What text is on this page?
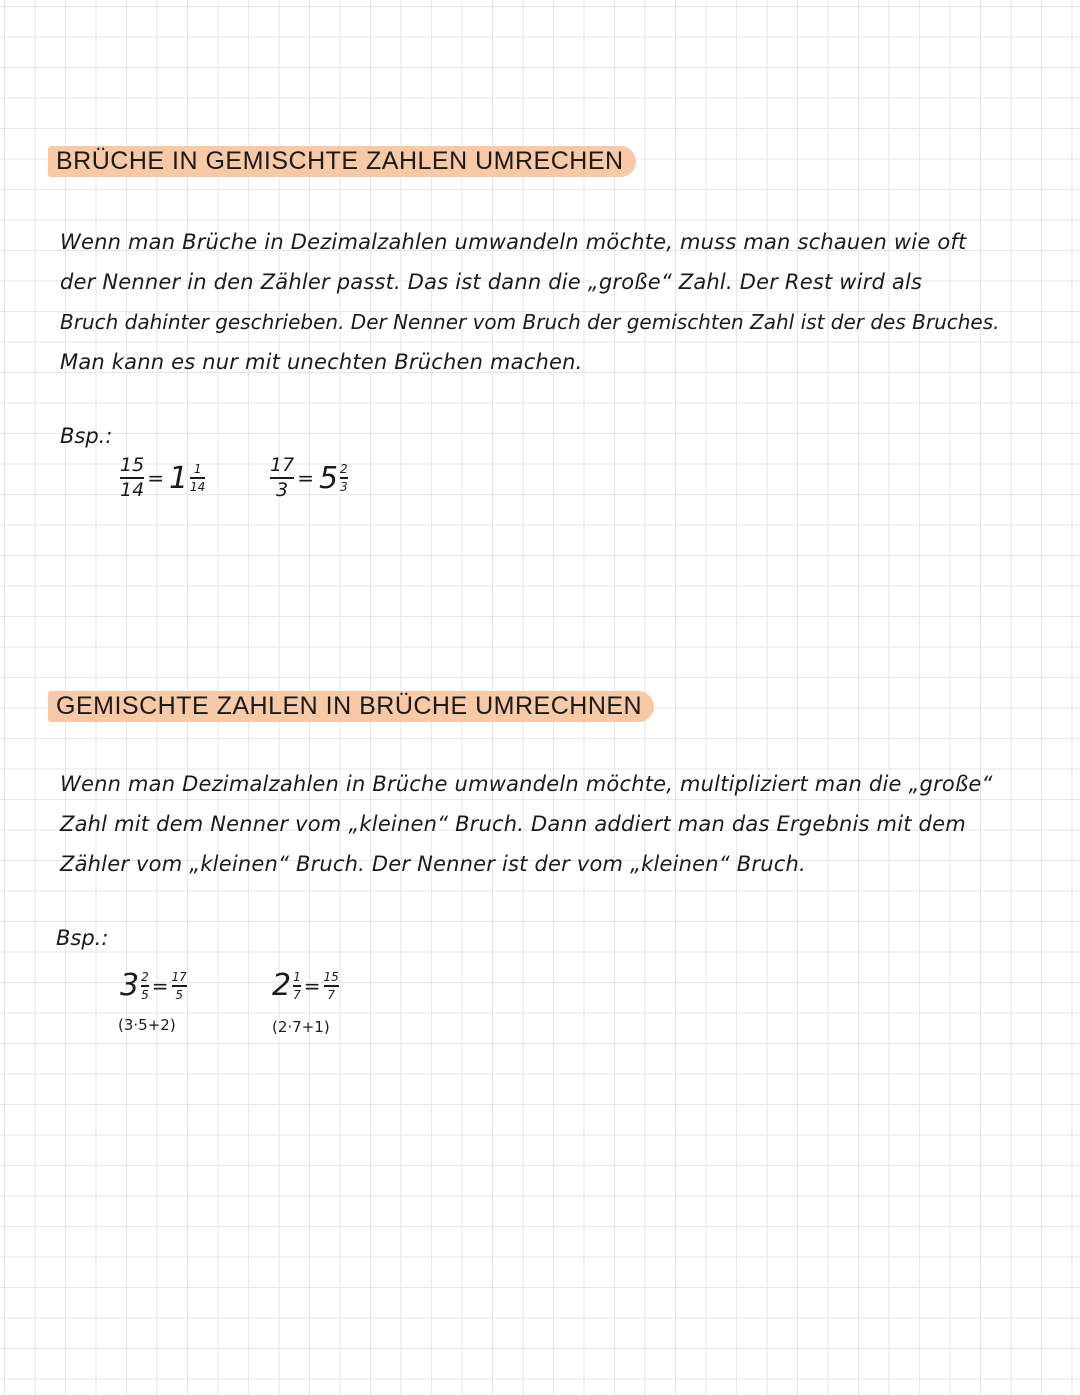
BRÜCHE IN GEMISCHTE ZAHLEN UMRECHEN
Wenn man Brüche in Dezimalzahlen umwandeln möchte, muss man schauen wie oft
der Nenner in den Zähler passt. Das ist dann die „große“ Zahl. Der Rest wird als
Bruch dahinter geschrieben. Der Nenner vom Bruch der gemischten Zahl ist der des Bruches.
Man kann es nur mit unechten Brüchen machen.
Bsp.:
$\frac{15}{14} = 1 \frac{1}{14}$	$\frac{17}{3} = 5 \frac{2}{3}$
GEMISCHTE ZAHLEN IN BRÜCHE UMRECHNEN
Wenn man Dezimalzahlen in Brüche umwandeln möchte, multipliziert man die „große“
Zahl mit dem Nenner vom „kleinen“ Bruch. Dann addiert man das Ergebnis mit dem
Zähler vom „kleinen“ Bruch. Der Nenner ist der vom „kleinen“ Bruch.
Bsp.:
$3 \frac{2}{5} = \frac{17}{5}$
(3·5+2)
$2 \frac{1}{7} = \frac{15}{7}$
(2·7+1)
